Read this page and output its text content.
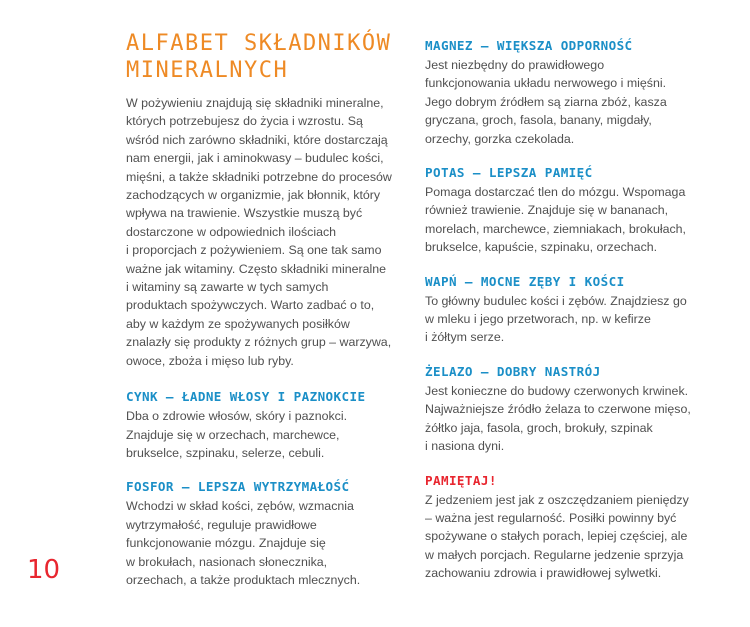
10
ALFABET SKŁADNIKÓW MINERALNYCH

W pożywieniu znajdują się składniki mineralne,
których potrzebujesz do życia i wzrostu. Są
wśród nich zarówno składniki, które dostarczają
nam energii, jak i aminokwasy – budulec kości,
mięśni, a także składniki potrzebne do procesów
zachodzących w organizmie, jak błonnik, który
wpływa na trawienie. Wszystkie muszą być
dostarczone w odpowiednich ilościach
i proporcjach z pożywieniem. Są one tak samo
ważne jak witaminy. Często składniki mineralne
i witaminy są zawarte w tych samych
produktach spożywczych. Warto zadbać o to,
aby w każdym ze spożywanych posiłków
znalazły się produkty z różnych grup – warzywa,
owoce, zboża i mięso lub ryby.

CYNK – ŁADNE WŁOSY I PAZNOKCIE

Dba o zdrowie włosów, skóry i paznokci.
Znajduje się w orzechach, marchewce,
brukselce, szpinaku, selerze, cebuli.

FOSFOR – LEPSZA WYTRZYMAŁOŚĆ

Wchodzi w skład kości, zębów, wzmacnia
wytrzymałość, reguluje prawidłowe
funkcjonowanie mózgu. Znajduje się
w brokułach, nasionach słonecznika,
orzechach, a także produktach mlecznych.

MAGNEZ – WIĘKSZA ODPORNOŚĆ

Jest niezbędny do prawidłowego
funkcjonowania układu nerwowego i mięśni.
Jego dobrym źródłem są ziarna zbóż, kasza
gryczana, groch, fasola, banany, migdały,
orzechy, gorzka czekolada.

POTAS – LEPSZA PAMIĘĆ

Pomaga dostarczać tlen do mózgu. Wspomaga
również trawienie. Znajduje się w bananach,
morelach, marchewce, ziemniakach, brokułach,
brukselce, kapuście, szpinaku, orzechach.

WAPŃ – MOCNE ZĘBY I KOŚCI

To główny budulec kości i zębów. Znajdziesz go
w mleku i jego przetworach, np. w kefirze
i żółtym serze.

ŻELAZO – DOBRY NASTRÓJ

Jest konieczne do budowy czerwonych krwinek.
Najważniejsze źródło żelaza to czerwone mięso,
żółtko jaja, fasola, groch, brokuły, szpinak
i nasiona dyni.

PAMIĘTAJ!

Z jedzeniem jest jak z oszczędzaniem pieniędzy
– ważna jest regularność. Posiłki powinny być
spożywane o stałych porach, lepiej częściej, ale
w małych porcjach. Regularne jedzenie sprzyja
zachowaniu zdrowia i prawidłowej sylwetki.
